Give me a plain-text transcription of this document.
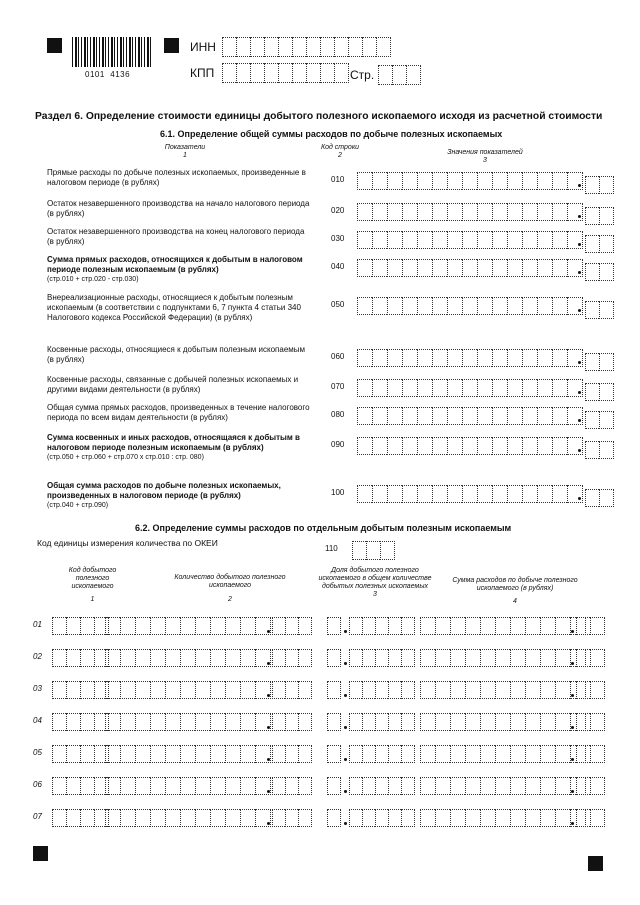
0101  4136
ИНН
КПП	Стр.
Раздел 6. Определение стоимости единицы добытого полезного ископаемого исходя из расчетной стоимости
6.1. Определение общей суммы расходов по добыче полезных ископаемых
Показатели
1
Код строки
2	Значения показателей
3
Прямые расходы по добыче полезных ископаемых, произведенные в налоговом периоде (в рублях)	010
Остаток незавершенного производства на начало налогового периода (в рублях)	020
Остаток незавершенного производства на конец налогового периода (в рублях)	030
Сумма прямых расходов, относящихся к добытым в налоговом периоде полезным ископаемым (в рублях)
(стр.010 + стр.020 - стр.030)
040
Внереализационные расходы, относящиеся к добытым полезным ископаемым (в соответствии с подпунктами 6, 7 пункта 4 статьи 340 Налогового кодекса Российской Федерации) (в рублях)
050
Косвенные расходы, относящиеся к добытым полезным ископаемым (в рублях)	060
Косвенные расходы, связанные с добычей полезных ископаемых и другими видами деятельности (в рублях)	070
Общая сумма прямых расходов, произведенных в течение налогового периода по всем видам деятельности (в рублях)	080
Сумма косвенных и иных расходов, относящаяся к добытым в налоговом периоде полезным ископаемым (в рублях)
(стр.050 + стр.060 + стр.070 х стр.010 : стр. 080)
090
Общая сумма расходов по добыче полезных ископаемых, произведенных в налоговом периоде (в рублях)
(стр.040 + стр.090)
100
6.2. Определение суммы расходов по отдельным добытым полезным ископаемым
Код единицы измерения количества по ОКЕИ
110
Код добытого полезного ископаемого
1
Количество добытого полезного ископаемого
2
Доля добытого полезного ископаемого в общем количестве добытых полезных ископаемых
3
Сумма расходов по добыче полезного ископаемого (в рублях)
4
01
02
03
04
05
06
07
